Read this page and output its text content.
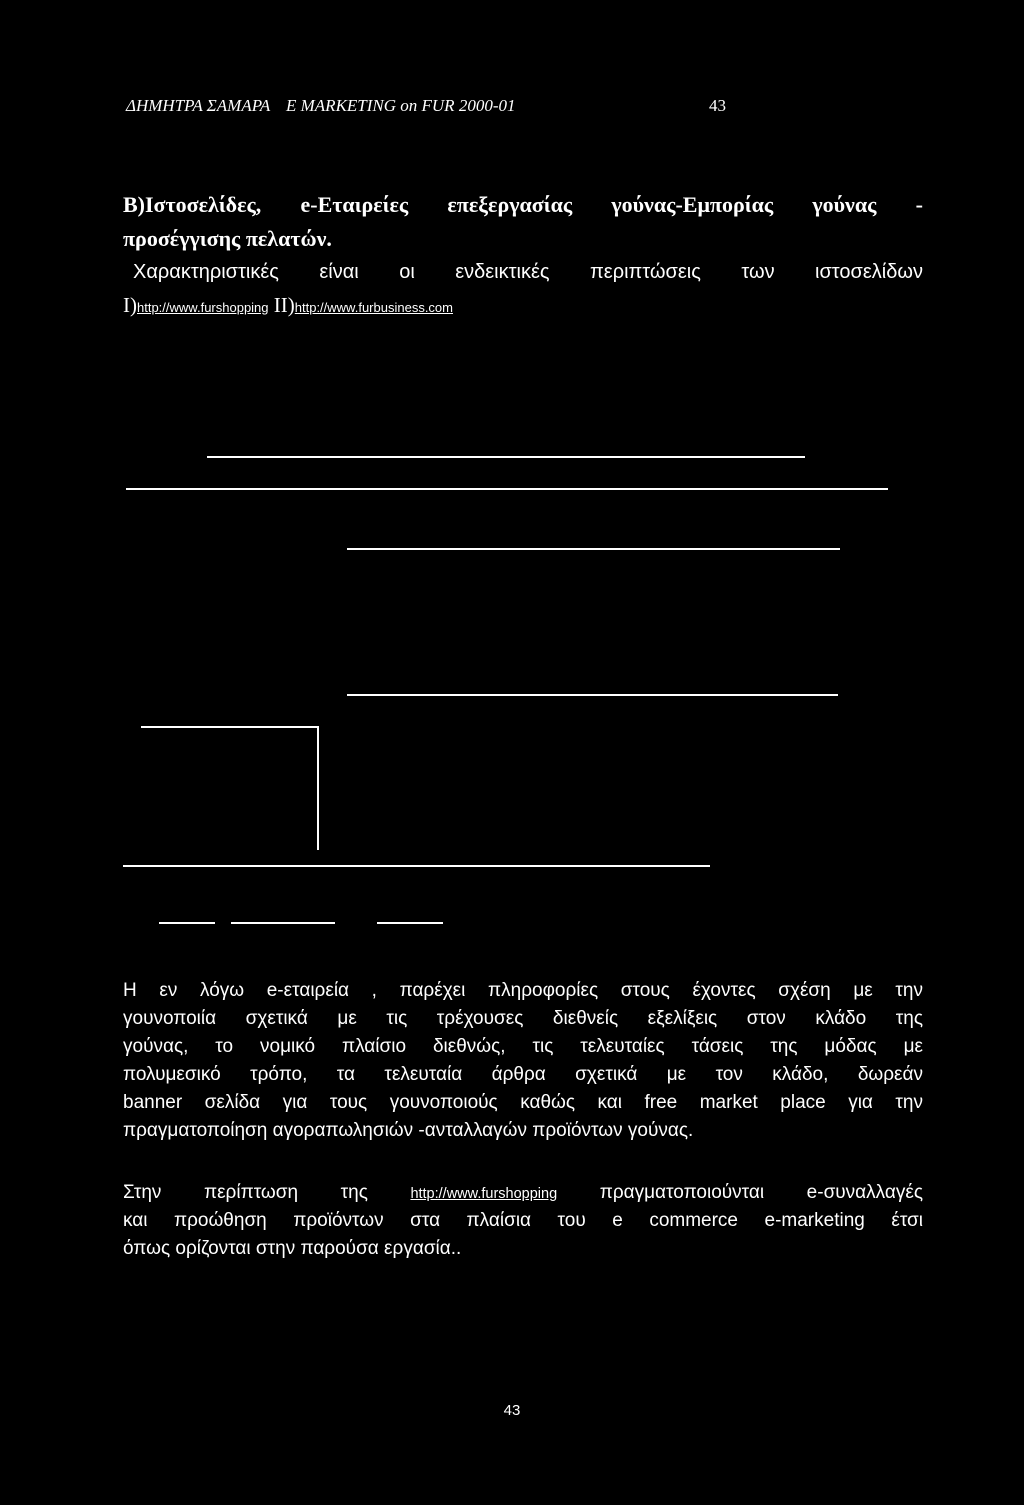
ΔΗΜΗΤΡΑ ΣΑΜΑΡΑ E MARKETING on FUR 2000-01	43
Β)Ιστοσελίδες, e-Εταιρείες επεξεργασίας γούνας-Εμπορίας γούνας -
προσέγγισης πελατών.
Χαρακτηριστικές είναι οι ενδεικτικές περιπτώσεις των ιστοσελίδων
Ι)http://www.furshopping ΙΙ)http://www.furbusiness.com
Η εν λόγω e-εταιρεία , παρέχει πληροφορίες στους έχοντες σχέση με την
γουνοποιία σχετικά με τις τρέχουσες διεθνείς εξελίξεις στον κλάδο της
γούνας, το νομικό πλαίσιο διεθνώς, τις τελευταίες τάσεις της μόδας με
πολυμεσικό τρόπο, τα τελευταία άρθρα σχετικά με τον κλάδο, δωρεάν
banner σελίδα για τους γουνοποιούς καθώς και free market place για την
πραγματοποίηση αγοραπωλησιών -ανταλλαγών προϊόντων γούνας.
Στην περίπτωση της http://www.furshopping πραγματοποιούνται e-συναλλαγές
και προώθηση προϊόντων στα πλαίσια του e commerce e-marketing έτσι
όπως ορίζονται στην παρούσα εργασία..
43
